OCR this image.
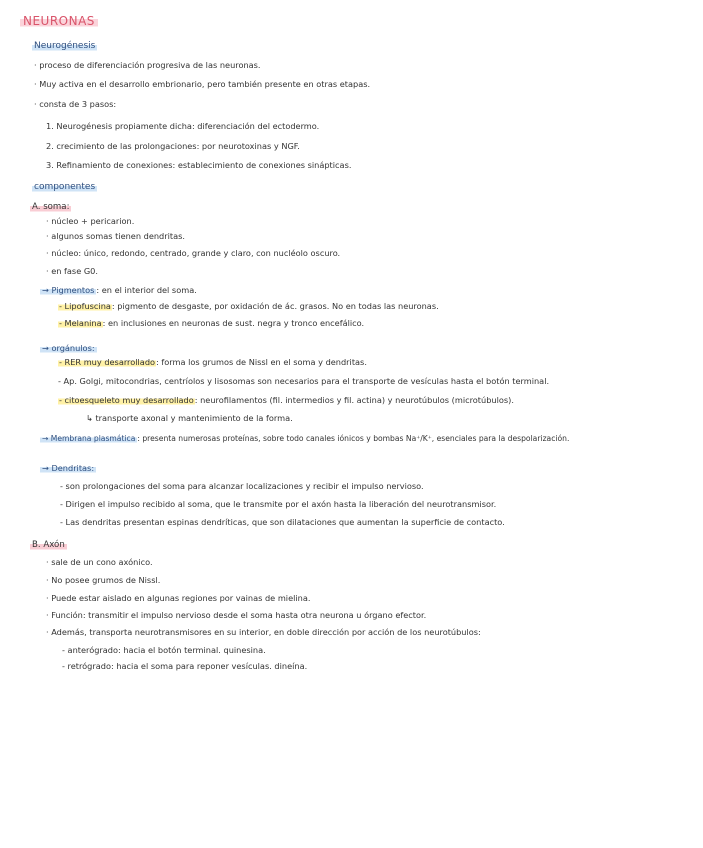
NEURONAS
Neurogénesis
· proceso de diferenciación progresiva de las neuronas.
· Muy activa en el desarrollo embrionario, pero también presente en otras etapas.
· consta de 3 pasos:
1. Neurogénesis propiamente dicha: diferenciación del ectodermo.
2. crecimiento de las prolongaciones: por neurotoxinas y NGF.
3. Refinamiento de conexiones: establecimiento de conexiones sinápticas.
componentes
A. soma:
· núcleo + pericarion.
· algunos somas tienen dendritas.
· núcleo: único, redondo, centrado, grande y claro, con nucléolo oscuro.
· en fase G0.
→ Pigmentos : en el interior del soma.
- Lipofuscina: pigmento de desgaste, por oxidación de ác. grasos. No en todas las neuronas.
- Melanina: en inclusiones en neuronas de sust. negra y tronco encefálico.
→ orgánulos:
- RER muy desarrollado: forma los grumos de Nissl en el soma y dendritas.
- Ap. Golgi, mitocondrias, centríolos y lisosomas son necesarios para el transporte de vesículas hasta el botón terminal.
- citoesqueleto muy desarrollado: neurofilamentos (fil. intermedios y fil. actina) y neurotúbulos (microtúbulos).
↳ transporte axonal y mantenimiento de la forma.
→ Membrana plasmática : presenta numerosas proteínas, sobre todo canales iónicos y bombas Na⁺/K⁺, esenciales para la despolarización.
→ Dendritas:
- son prolongaciones del soma para alcanzar localizaciones y recibir el impulso nervioso.
- Dirigen el impulso recibido al soma, que le transmite por el axón hasta la liberación del neurotransmisor.
- Las dendritas presentan espinas dendríticas, que son dilataciones que aumentan la superficie de contacto.
B. Axón
· sale de un cono axónico.
· No posee grumos de Nissl.
· Puede estar aislado en algunas regiones por vainas de mielina.
· Función: transmitir el impulso nervioso desde el soma hasta otra neurona u órgano efector.
· Además, transporta neurotransmisores en su interior, en doble dirección por acción de los neurotúbulos:
- anterógrado: hacia el botón terminal. quinesina.
- retrógrado: hacia el soma para reponer vesículas. dineína.
